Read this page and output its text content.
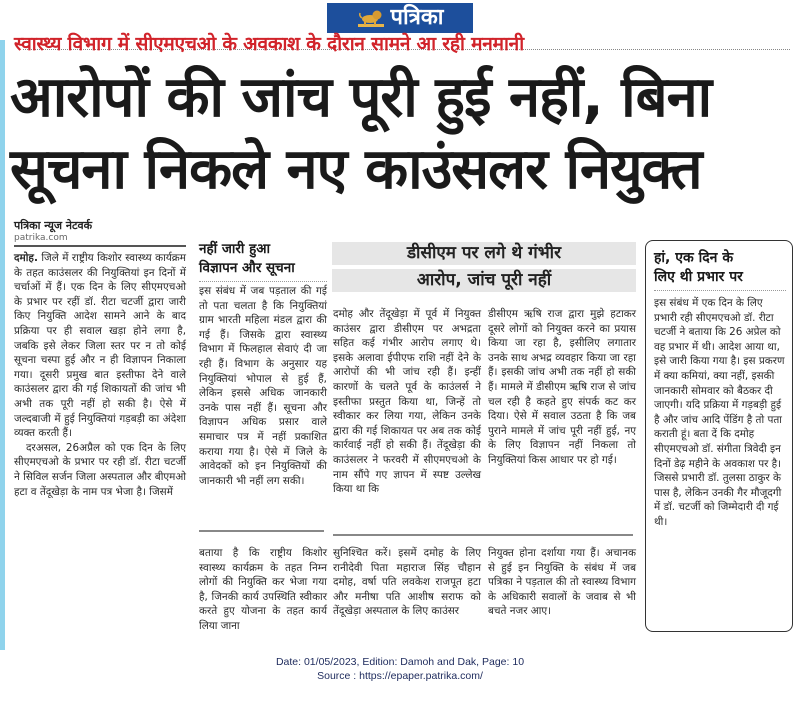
पत्रिका
स्वास्थ्य विभाग में सीएमएचओ के अवकाश के दौरान सामने आ रही मनमानी
आरोपों की जांच पूरी हुई नहीं, बिना
सूचना निकले नए काउंसलर नियुक्त
पत्रिका न्यूज नेटवर्क
patrika.com

दमोह. जिले में राष्ट्रीय किशोर स्वास्थ्य कार्यक्रम के तहत काउंसलर की नियुक्तियां इन दिनों में चर्चाओं में हैं। एक दिन के लिए सीएमएचओ के प्रभार पर रहीं डॉ. रीटा चटर्जी द्वारा जारी किए नियुक्ति आदेश सामने आने के बाद प्रक्रिया पर ही सवाल खड़ा होने लगा है, जबकि इसे लेकर जिला स्तर पर न तो कोई सूचना चस्पा हुई और न ही विज्ञापन निकाला गया। दूसरी प्रमुख बात इस्तीफा देने वाले काउंसलर द्वारा की गई शिकायतों की जांच भी अभी तक पूरी नहीं हो सकी है। ऐसे में जल्दबाजी में हुई नियुक्तियां गड़बड़ी का अंदेशा व्यक्त करती हैं।

दरअसल, 26अप्रैल को एक दिन के लिए सीएमएचओ के प्रभार पर रही डॉ. रीटा चटर्जी ने सिविल सर्जन जिला अस्पताल और बीएमओ हटा व तेंदूखेड़ा के नाम पत्र भेजा है। जिसमें

नहीं जारी हुआ
विज्ञापन और सूचना

इस संबंध में जब पड़ताल की गई तो पता चलता है कि नियुक्तियां ग्राम भारती महिला मंडल द्वारा की गई हैं। जिसके द्वारा स्वास्थ्य विभाग में फिलहाल सेवाएं दी जा रही हैं। विभाग के अनुसार यह नियुक्तियां भोपाल से हुई हैं, लेकिन इससे अधिक जानकारी उनके पास नहीं हैं। सूचना और विज्ञापन अधिक प्रसार वाले समाचार पत्र में नहीं प्रकाशित कराया गया है। ऐसे में जिले के आवेदकों को इन नियुक्तियों की जानकारी भी नहीं लग सकी।

बताया है कि राष्ट्रीय किशोर स्वास्थ्य कार्यक्रम के तहत निम्न लोगों की नियुक्ति कर भेजा गया है, जिनकी कार्य उपस्थिति स्वीकार करते हुए योजना के तहत कार्य लिया जाना

डीसीएम पर लगे थे गंभीर
आरोप, जांच पूरी नहीं

दमोह और तेंदूखेड़ा में पूर्व में नियुक्त काउंसर द्वारा डीसीएम पर अभद्रता सहित कई गंभीर आरोप लगाए थे। इसके अलावा ईपीएफ राशि नहीं देने के आरोपों की भी जांच रही हैं। इन्हीं कारणों के चलते पूर्व के काउंलर्स ने इस्तीफा प्रस्तुत किया था, जिन्हें तो स्वीकार कर लिया गया, लेकिन उनके द्वारा की गई शिकायत पर अब तक कोई कार्रवाई नहीं हो सकी हैं। तेंदूखेड़ा की काउंसलर ने फरवरी में सीएमएचओ के नाम सौंपे गए ज्ञापन में स्पष्ट उल्लेख किया था कि

डीसीएम ऋषि राज द्वारा मुझे हटाकर दूसरे लोगों को नियुक्त करने का प्रयास किया जा रहा है, इसीलिए लगातार उनके साथ अभद्र व्यवहार किया जा रहा हैं। इसकी जांच अभी तक नहीं हो सकी हैं। मामले में डीसीएम ऋषि राज से जांच चल रही है कहते हुए संपर्क कट कर दिया। ऐसे में सवाल उठता है कि जब पुराने मामले में जांच पूरी नहीं हुई, नए के लिए विज्ञापन नहीं निकला तो नियुक्तियां किस आधार पर हो गई।

सुनिश्चित करें। इसमें दमोह के लिए रानीदेवी पिता महाराज सिंह चौहान दमोह, वर्षा पति लवकेश राजपूत हटा और मनीषा पति आशीष सराफ को तेंदूखेड़ा अस्पताल के लिए काउंसर

नियुक्त होना दर्शाया गया हैं। अचानक से हुई इन नियुक्ति के संबंध में जब पत्रिका ने पड़ताल की तो स्वास्थ्य विभाग के अधिकारी सवालों के जवाब से भी बचते नजर आए।

हां, एक दिन के
लिए थी प्रभार पर
इस संबंध में एक दिन के लिए प्रभारी रही सीएमएचओ डॉ. रीटा चटर्जी ने बताया कि 26 अप्रेल को वह प्रभार में थी। आदेश आया था, इसे जारी किया गया है। इस प्रकरण में क्या कमियां, क्या नहीं, इसकी जानकारी सोमवार को बैठकर दी जाएगी। यदि प्रक्रिया में गड़बड़ी हुई है और जांच आदि पेंडिंग है तो पता कराती हूं। बता दें कि दमोह सीएमएचओ डॉ. संगीता त्रिवेदी इन दिनों डेढ़ महीने के अवकाश पर है। जिससे प्रभारी डॉ. तुलसा ठाकुर के पास है, लेकिन उनकी गैर मौजूदगी में डॉ. चटर्जी को जिम्मेदारी दी गई थी।
Date: 01/05/2023, Edition: Damoh and Dak, Page: 10
Source : https://epaper.patrika.com/
